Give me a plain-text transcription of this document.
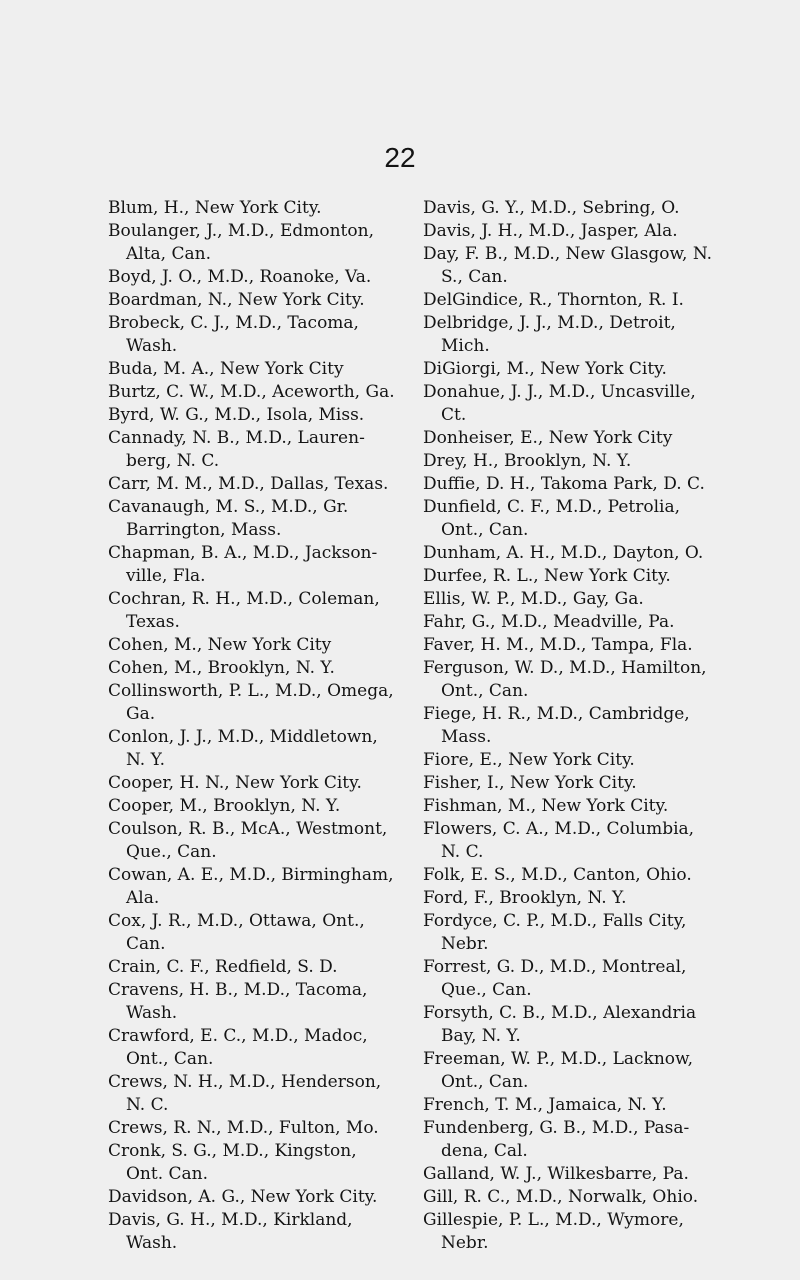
22
Blum, H., New York City.
Boulanger, J., M.D., Edmonton, Alta, Can.
Boyd, J. O., M.D., Roanoke, Va.
Boardman, N., New York City.
Brobeck, C. J., M.D., Tacoma, Wash.
Buda, M. A., New York City
Burtz, C. W., M.D., Aceworth, Ga.
Byrd, W. G., M.D., Isola, Miss.
Cannady, N. B., M.D., Lauren- berg, N. C.
Carr, M. M., M.D., Dallas, Texas.
Cavanaugh, M. S., M.D., Gr. Barrington, Mass.
Chapman, B. A., M.D., Jackson- ville, Fla.
Cochran, R. H., M.D., Coleman, Texas.
Cohen, M., New York City
Cohen, M., Brooklyn, N. Y.
Collinsworth, P. L., M.D., Omega, Ga.
Conlon, J. J., M.D., Middletown, N. Y.
Cooper, H. N., New York City.
Cooper, M., Brooklyn, N. Y.
Coulson, R. B., McA., Westmont, Que., Can.
Cowan, A. E., M.D., Birmingham, Ala.
Cox, J. R., M.D., Ottawa, Ont., Can.
Crain, C. F., Redfield, S. D.
Cravens, H. B., M.D., Tacoma, Wash.
Crawford, E. C., M.D., Madoc, Ont., Can.
Crews, N. H., M.D., Henderson, N. C.
Crews, R. N., M.D., Fulton, Mo.
Cronk, S. G., M.D., Kingston, Ont. Can.
Davidson, A. G., New York City.
Davis, G. H., M.D., Kirkland, Wash.
Davis, G. Y., M.D., Sebring, O.
Davis, J. H., M.D., Jasper, Ala.
Day, F. B., M.D., New Glasgow, N. S., Can.
DelGindice, R., Thornton, R. I.
Delbridge, J. J., M.D., Detroit, Mich.
DiGiorgi, M., New York City.
Donahue, J. J., M.D., Uncasville, Ct.
Donheiser, E., New York City
Drey, H., Brooklyn, N. Y.
Duffie, D. H., Takoma Park, D. C.
Dunfield, C. F., M.D., Petrolia, Ont., Can.
Dunham, A. H., M.D., Dayton, O.
Durfee, R. L., New York City.
Ellis, W. P., M.D., Gay, Ga.
Fahr, G., M.D., Meadville, Pa.
Faver, H. M., M.D., Tampa, Fla.
Ferguson, W. D., M.D., Hamilton, Ont., Can.
Fiege, H. R., M.D., Cambridge, Mass.
Fiore, E., New York City.
Fisher, I., New York City.
Fishman, M., New York City.
Flowers, C. A., M.D., Columbia, N. C.
Folk, E. S., M.D., Canton, Ohio.
Ford, F., Brooklyn, N. Y.
Fordyce, C. P., M.D., Falls City, Nebr.
Forrest, G. D., M.D., Montreal, Que., Can.
Forsyth, C. B., M.D., Alexandria Bay, N. Y.
Freeman, W. P., M.D., Lacknow, Ont., Can.
French, T. M., Jamaica, N. Y.
Fundenberg, G. B., M.D., Pasa- dena, Cal.
Galland, W. J., Wilkesbarre, Pa.
Gill, R. C., M.D., Norwalk, Ohio.
Gillespie, P. L., M.D., Wymore, Nebr.
